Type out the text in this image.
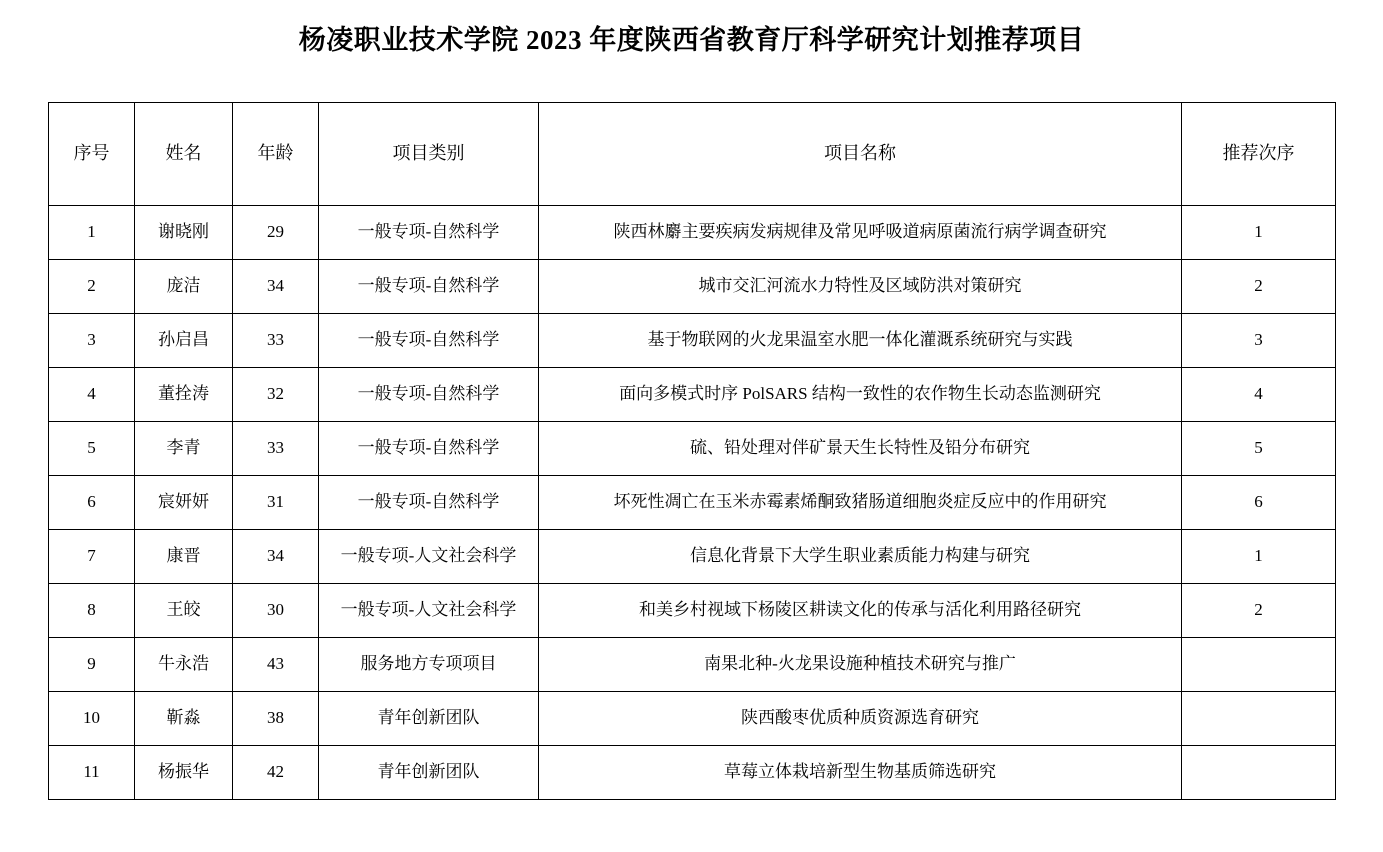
杨凌职业技术学院 2023 年度陕西省教育厅科学研究计划推荐项目
序号	姓名	年龄	项目类别	项目名称	推荐次序
1	谢晓刚	29	一般专项-自然科学	陕西林麝主要疾病发病规律及常见呼吸道病原菌流行病学调查研究	1
2	庞洁	34	一般专项-自然科学	城市交汇河流水力特性及区域防洪对策研究	2
3	孙启昌	33	一般专项-自然科学	基于物联网的火龙果温室水肥一体化灌溉系统研究与实践	3
4	董拴涛	32	一般专项-自然科学	面向多模式时序 PolSARS 结构一致性的农作物生长动态监测研究	4
5	李青	33	一般专项-自然科学	硫、铅处理对伴矿景天生长特性及铅分布研究	5
6	宸妍妍	31	一般专项-自然科学	坏死性凋亡在玉米赤霉素烯酮致猪肠道细胞炎症反应中的作用研究	6
7	康晋	34	一般专项-人文社会科学	信息化背景下大学生职业素质能力构建与研究	1
8	王皎	30	一般专项-人文社会科学	和美乡村视域下杨陵区耕读文化的传承与活化利用路径研究	2
9	牛永浩	43	服务地方专项项目	南果北种-火龙果设施种植技术研究与推广	
10	靳淼	38	青年创新团队	陕西酸枣优质种质资源选育研究	
11	杨振华	42	青年创新团队	草莓立体栽培新型生物基质筛选研究	
